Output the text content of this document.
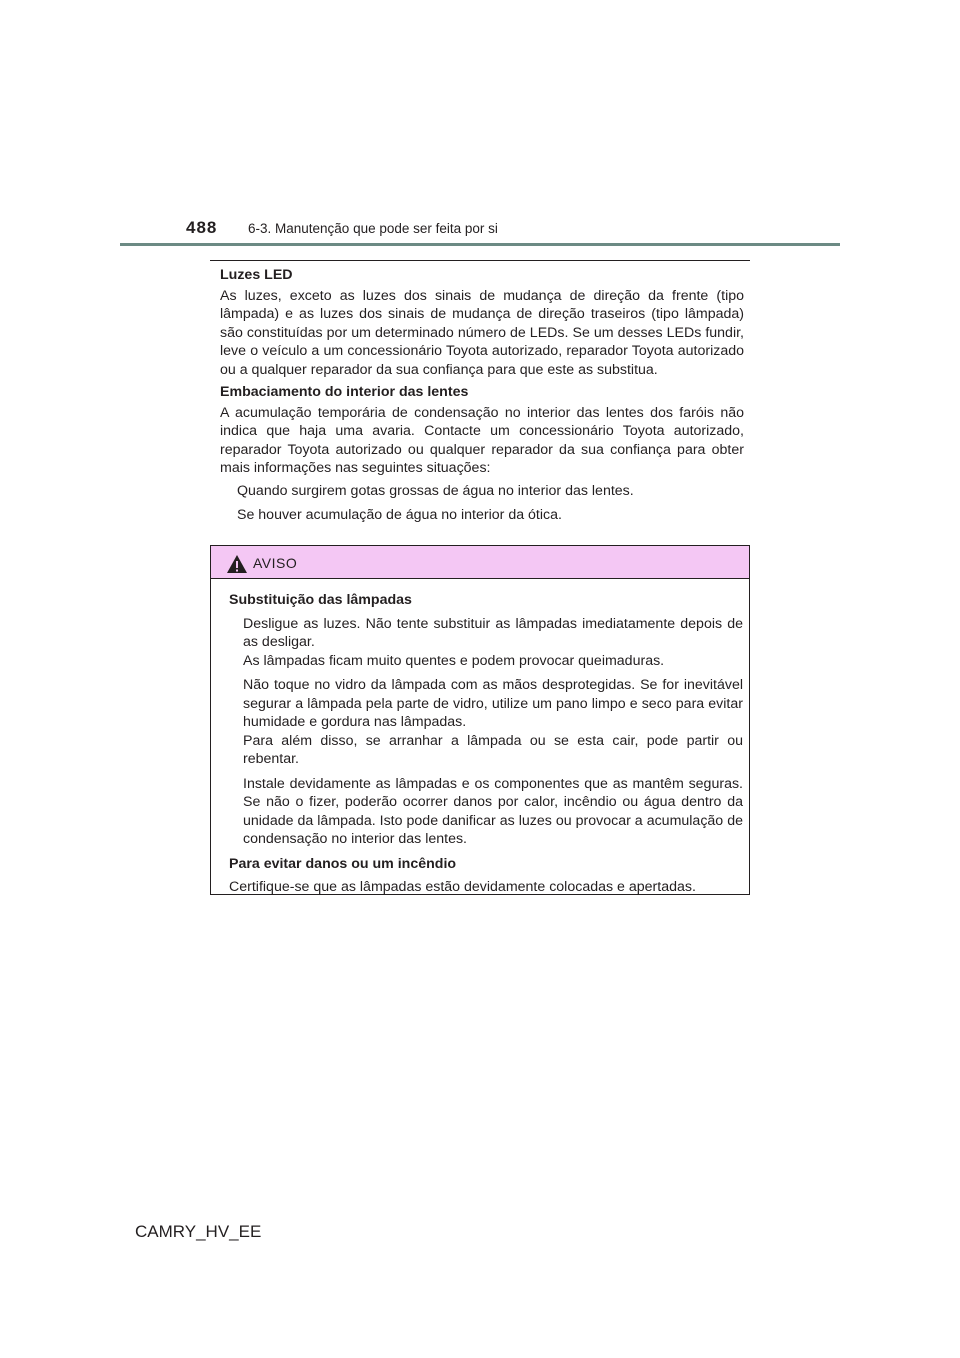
488 6-3. Manutenção que pode ser feita por si

Luzes LED

As luzes, exceto as luzes dos sinais de mudança de direção da frente (tipo lâmpada) e as luzes dos sinais de mudança de direção traseiros (tipo lâmpada) são constituídas por um determinado número de LEDs. Se um desses LEDs fundir, leve o veículo a um concessionário Toyota autorizado, reparador Toyota autorizado ou a qualquer reparador da sua confiança para que este as substitua.

Embaciamento do interior das lentes

A acumulação temporária de condensação no interior das lentes dos faróis não indica que haja uma avaria. Contacte um concessionário Toyota autorizado, reparador Toyota autorizado ou qualquer reparador da sua confiança para obter mais informações nas seguintes situações:

Quando surgirem gotas grossas de água no interior das lentes.

Se houver acumulação de água no interior da ótica.

AVISO

Substituição das lâmpadas

Desligue as luzes. Não tente substituir as lâmpadas imediatamente depois de as desligar.

As lâmpadas ficam muito quentes e podem provocar queimaduras.

Não toque no vidro da lâmpada com as mãos desprotegidas. Se for inevitável segurar a lâmpada pela parte de vidro, utilize um pano limpo e seco para evitar humidade e gordura nas lâmpadas.

Para além disso, se arranhar a lâmpada ou se esta cair, pode partir ou rebentar.

Instale devidamente as lâmpadas e os componentes que as mantêm seguras. Se não o fizer, poderão ocorrer danos por calor, incêndio ou água dentro da unidade da lâmpada. Isto pode danificar as luzes ou provocar a acumulação de condensação no interior das lentes.

Para evitar danos ou um incêndio

Certifique-se que as lâmpadas estão devidamente colocadas e apertadas.

CAMRY_HV_EE
